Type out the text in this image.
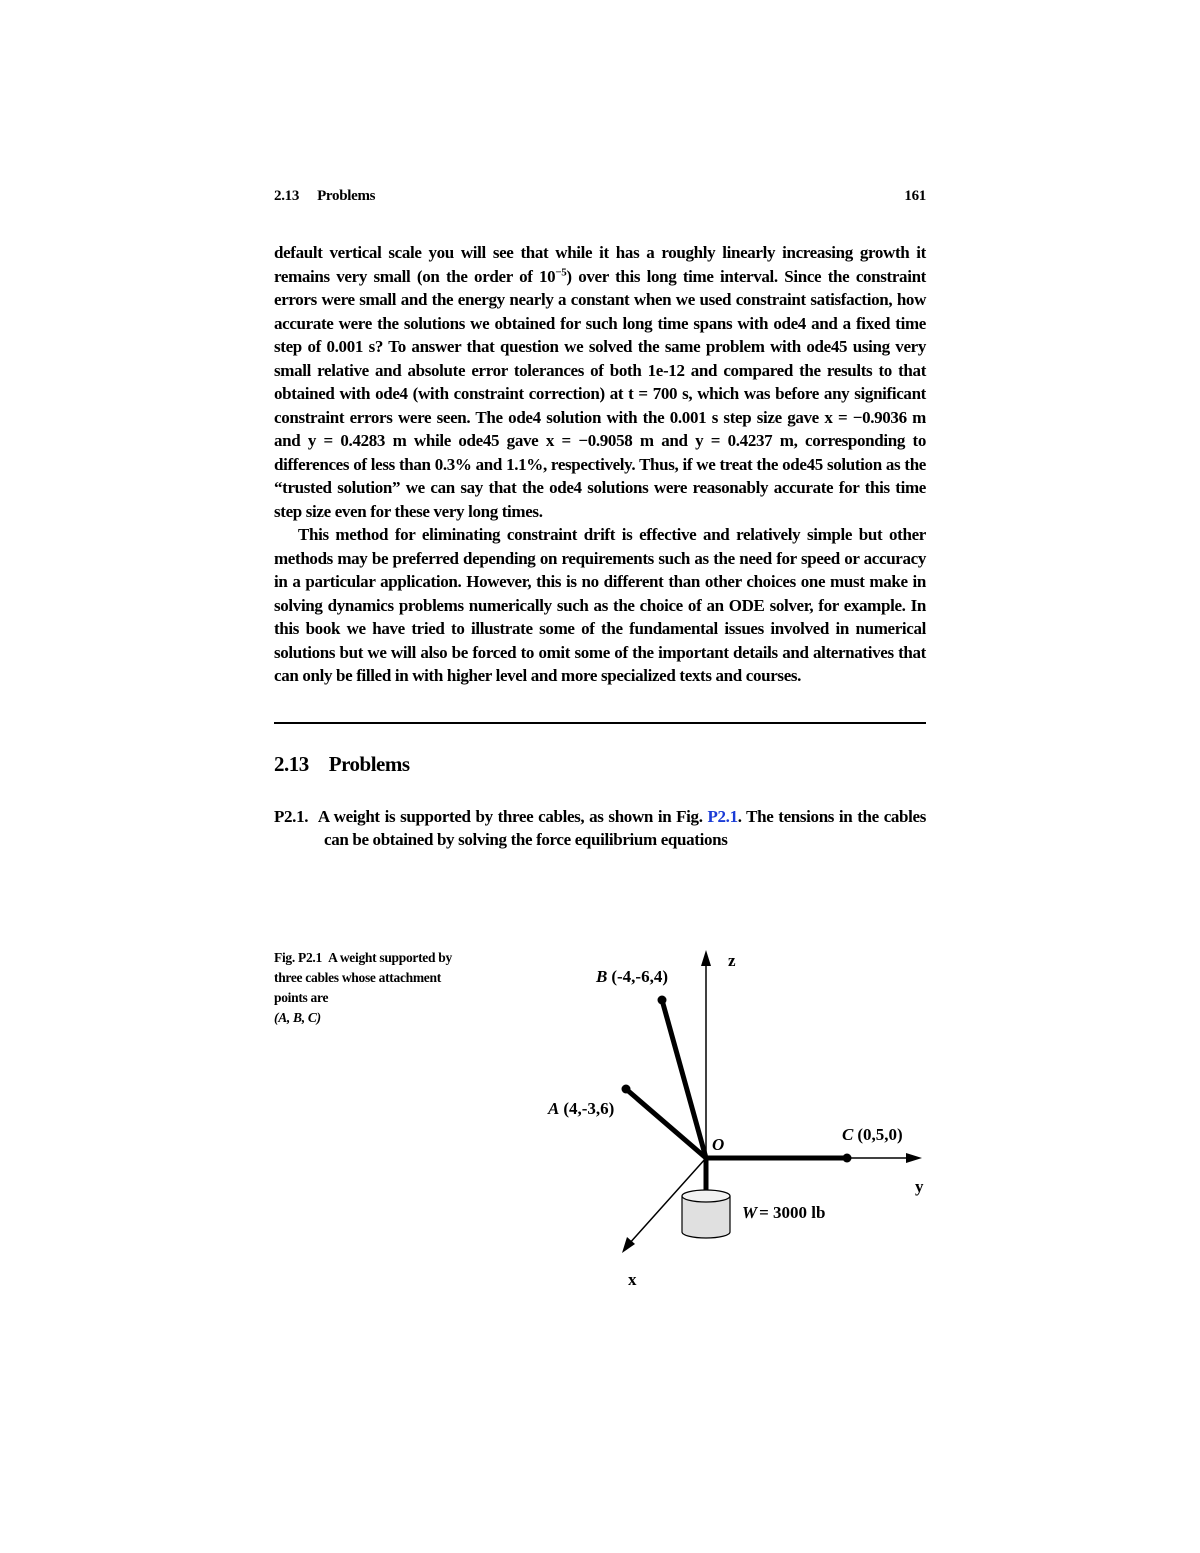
2.13 Problems	161

default vertical scale you will see that while it has a roughly linearly increasing growth it remains very small (on the order of $10^{-5}$) over this long time interval. Since the constraint errors were small and the energy nearly a constant when we used constraint satisfaction, how accurate were the solutions we obtained for such long time spans with ode4 and a fixed time step of 0.001 s? To answer that question we solved the same problem with ode45 using very small relative and absolute error tolerances of both 1e-12 and compared the results to that obtained with ode4 (with constraint correction) at t = 700 s, which was before any significant constraint errors were seen. The ode4 solution with the 0.001 s step size gave x = −0.9036 m and y = 0.4283 m while ode45 gave x = −0.9058 m and y = 0.4237 m, corresponding to differences of less than 0.3% and 1.1%, respectively. Thus, if we treat the ode45 solution as the “trusted solution” we can say that the ode4 solutions were reasonably accurate for this time step size even for these very long times.

This method for eliminating constraint drift is effective and relatively simple but other methods may be preferred depending on requirements such as the need for speed or accuracy in a particular application. However, this is no different than other choices one must make in solving dynamics problems numerically such as the choice of an ODE solver, for example. In this book we have tried to illustrate some of the fundamental issues involved in numerical solutions but we will also be forced to omit some of the important details and alternatives that can only be filled in with higher level and more specialized texts and courses.

2.13 Problems
P2.1. A weight is supported by three cables, as shown in Fig. P2.1. The tensions in the cables can be obtained by solving the force equilibrium equations
Fig. P2.1 A weight supported by three cables whose attachment points are
(A, B, C)
z
y
x
B (-4,-6,4)
A (4,-3,6)
O
C (0,5,0)
W = 3000 lb
